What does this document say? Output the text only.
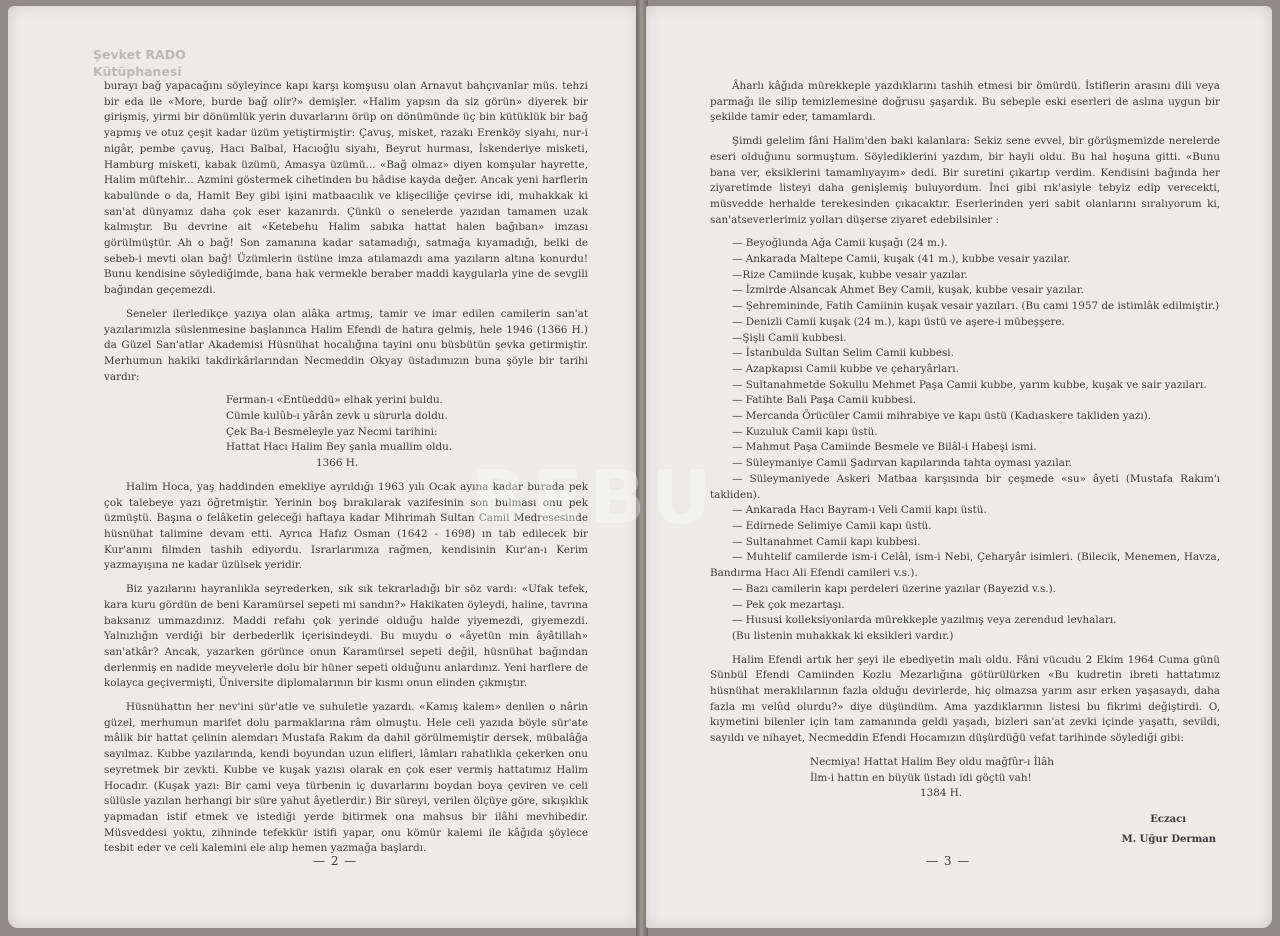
Şevket RADO
Kütüphanesi

burayı bağ yapacağını söyleyince kapı karşı komşusu olan Arnavut bahçıvanlar müs. tehzi bir eda ile «More, burde bağ olir?» demişler. «Halim yapsın da siz görün» diyerek bir girişmiş, yirmi bir dönümlük yerin duvarlarını örüp on dönümünde üç bin kütüklük bir bağ yapmış ve otuz çeşit kadar üzüm yetiştirmiştir: Çavuş, misket, razakı Erenköy siyahı, nur-i nigâr, pembe çavuş, Hacı Balbal, Hacıoğlu siyahı, Beyrut hurması, İskenderiye misketi, Hamburg misketi, kabak üzümü, Amasya üzümü... «Bağ olmaz» diyen komşular hayrette, Halim müftehir... Azmini göstermek cihetinden bu hâdise kayda değer. Ancak yeni harflerin kabulünde o da, Hamit Bey gibi işini matbaacılık ve klişeciliğe çevirse idi, muhakkak ki san'at dünyamız daha çok eser kazanırdı. Çünkü o senelerde yazıdan tamamen uzak kalmıştır. Bu devrine ait «Ketebehu Halim sabıka hattat halen bağıban» imzası görülmüştür. Ah o bağ! Son zamanına kadar satamadığı, satmağa kıyamadığı, belki de sebeb-i mevti olan bağ! Üzümlerin üstüne imza atılamazdı ama yazıların altına konurdu! Bunu kendisine söylediğimde, bana hak vermekle beraber maddi kaygularla yine de sevgili bağından geçemezdi.

Seneler ilerledikçe yazıya olan alâka artmış, tamir ve imar edilen camilerin san'at yazılarımızla süslenmesine başlanınca Halim Efendi de hatıra gelmiş, hele 1946 (1366 H.) da Güzel San'atlar Akademisi Hüsnühat hocalığına tayini onu büsbütün şevka getirmiştir. Merhumun hakiki takdirkârlarından Necmeddin Okyay üstadımızın buna şöyle bir tarihi vardır:

Ferman-ı «Entüeddü» elhak yerini buldu.
Cümle kulûb-ı yârân zevk u sürurla doldu.
Çek Ba-i Besmeleyle yaz Necmi tarihini:
Hattat Hacı Halim Bey şanla muallim oldu.
1366 H.

Halim Hoca, yaş haddinden emekliye ayrıldığı 1963 yılı Ocak ayına kadar burada pek çok talebeye yazı öğretmiştir. Yerinin boş bırakılarak vazifesinin son bulması onu pek üzmüştü. Başına o felâketin geleceği haftaya kadar Mihrimah Sultan Camii Medresesinde hüsnühat talimine devam etti. Ayrıca Hafız Osman (1642 - 1698) ın tab edilecek bir Kur'anını filmden tashih ediyordu. Israrlarımıza rağmen, kendisinin Kur'an-ı Kerim yazmayışına ne kadar üzülsek yeridir.

Biz yazılarını hayranlıkla seyrederken, sık sık tekrarladığı bir söz vardı: «Ufak tefek, kara kuru gördün de beni Karamürsel sepeti mi sandın?» Hakikaten öyleydi, haline, tavrına baksanız ummazdınız. Maddi refahı çok yerinde olduğu halde yiyemezdi, giyemezdi. Yalnızlığın verdiği bir derbederlik içerisindeydi. Bu muydu o «âyetün min âyâtillah» san'atkâr? Ancak, yazarken görünce onun Karamürsel sepeti değil, hüsnühat bağından derlenmiş en nadide meyvelerle dolu bir hüner sepeti olduğunu anlardınız. Yeni harflere de kolayca geçivermişti, Üniversite diplomalarının bir kısmı onun elinden çıkmıştır.

Hüsnühattın her nev'ini sür'atle ve suhuletle yazardı. «Kamış kalem» denilen o nârin güzel, merhumun marifet dolu parmaklarına râm olmuştu. Hele celi yazıda böyle sür'ate mâlik bir hattat çelinin alemdarı Mustafa Rakım da dahil görülmemiştir dersek, mübalâğa sayılmaz. Kubbe yazılarında, kendi boyundan uzun elifleri, lâmları rahatlıkla çekerken onu seyretmek bir zevkti. Kubbe ve kuşak yazısı olarak en çok eser vermiş hattatımız Halim Hocadır. (Kuşak yazı: Bir cami veya türbenin iç duvarlarını boydan boya çeviren ve celi sülüsle yazılan herhangi bir süre yahut âyetlerdir.) Bir süreyi, verilen ölçüye göre, sıkışıklık yapmadan istif etmek ve istediği yerde bitirmek ona mahsus bir ilâhi mevhibedir. Müsveddesi yoktu, zihninde tefekkür istifi yapar, onu kömür kalemi ile kâğıda şöylece tesbit eder ve celi kalemini ele alıp hemen yazmağa başlardı.

— 2 —

Âharlı kâğıda mürekkeple yazdıklarını tashih etmesi bir ömürdü. İstiflerin arasını dili veya parmağı ile silip temizlemesine doğrusu şaşardık. Bu sebeple eski eserleri de aslına uygun bir şekilde tamir eder, tamamlardı.

Şimdi gelelim fâni Halim'den baki kalanlara: Sekiz sene evvel, bir görüşmemizde nerelerde eseri olduğunu sormuştum. Söylediklerini yazdım, bir hayli oldu. Bu hal hoşuna gitti. «Bunu bana ver, eksiklerini tamamlıyayım» dedi. Bir suretini çıkartıp verdim. Kendisini bağında her ziyaretimde listeyi daha genişlemiş buluyordum. İnci gibi rık'asiyle tebyiz edip verecekti, müsvedde herhalde terekesinden çıkacaktır. Eserlerinden yeri sabit olanlarını sıralıyorum ki, san'atseverlerimiz yolları düşerse ziyaret edebilsinler :

— Beyoğlunda Ağa Camii kuşağı (24 m.).
— Ankarada Maltepe Camii, kuşak (41 m.), kubbe vesair yazılar.
—Rize Camiinde kuşak, kubbe vesair yazılar.
— İzmirde Alsancak Ahmet Bey Camii, kuşak, kubbe vesair yazılar.
— Şehremininde, Fatih Camiinin kuşak vesair yazıları. (Bu cami 1957 de istimlâk edilmiştir.)
— Denizli Camii kuşak (24 m.), kapı üstü ve aşere-i mübeşşere.
—Şişli Camii kubbesi.
— İstanbulda Sultan Selim Camii kubbesi.
— Azapkapısı Camii kubbe ve çeharyârları.
— Sultanahmetde Sokullu Mehmet Paşa Camii kubbe, yarım kubbe, kuşak ve sair yazıları.
— Fatihte Bali Paşa Camii kubbesi.
— Mercanda Örücüler Camii mihrabiye ve kapı üstü (Kadıaskere takliden yazı).
— Kuzuluk Camii kapı üstü.
— Mahmut Paşa Camiinde Besmele ve Bilâl-i Habeşi ismi.
— Süleymaniye Camii Şadırvan kapılarında tahta oyması yazılar.
— Süleymaniyede Askeri Matbaa karşısında bir çeşmede «su» âyeti (Mustafa Rakım'ı takliden).
— Ankarada Hacı Bayram-ı Veli Camii kapı üstü.
— Edirnede Selimiye Camii kapı üstü.
— Sultanahmet Camii kapı kubbesi.
— Muhtelif camilerde ism-i Celâl, ism-i Nebi, Çeharyâr isimleri. (Bilecik, Menemen, Havza, Bandırma Hacı Ali Efendi camileri v.s.).
— Bazı camilerin kapı perdeleri üzerine yazılar (Bayezid v.s.).
— Pek çok mezartaşı.
— Hususi kolleksiyonlarda mürekkeple yazılmış veya zerendud levhaları.
(Bu listenin muhakkak ki eksikleri vardır.)

Halim Efendi artık her şeyi ile ebediyetin malı oldu. Fâni vücudu 2 Ekim 1964 Cuma günü Sünbül Efendi Camiinden Kozlu Mezarlığına götürülürken «Bu kudretin ibreti hattatımız hüsnühat meraklılarının fazla olduğu devirlerde, hiç olmazsa yarım asır erken yaşasaydı, daha fazla mı velûd olurdu?» diye düşündüm. Ama yazdıklarının listesi bu fikrimi değiştirdi. O, kıymetini bilenler için tam zamanında geldi yaşadı, bizleri san'at zevki içinde yaşattı, sevildi, sayıldı ve nihayet, Necmeddin Efendi Hocamızın düşürdüğü vefat tarihinde söylediği gibi:

Necmiya! Hattat Halim Bey oldu mağfûr-ı İlâh
İlm-i hattın en büyük üstadı idi göçtü vah!
1384 H.
Eczacı
M. Uğur Derman
— 3 —
BEBU
